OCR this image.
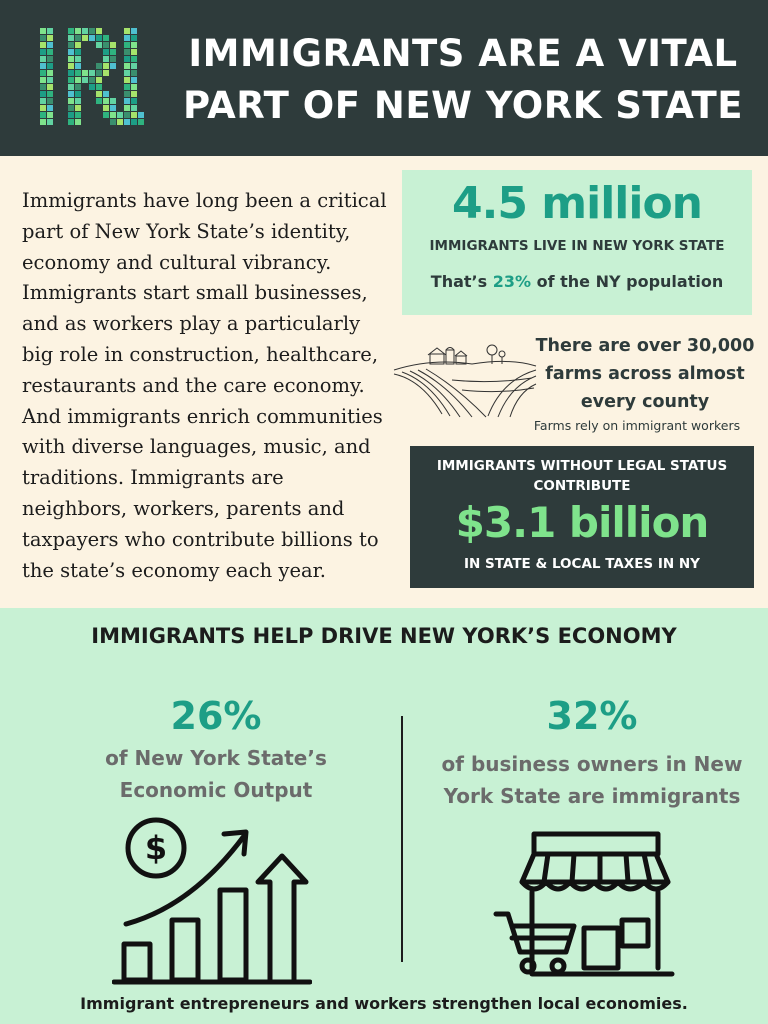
IMMIGRANTS ARE A VITAL PART OF NEW YORK STATE

Immigrants have long been a critical part of New York State’s identity, economy and cultural vibrancy. Immigrants start small businesses, and as workers play a particularly big role in construction, healthcare, restaurants and the care economy. And immigrants enrich communities with diverse languages, music, and traditions. Immigrants are neighbors, workers, parents and taxpayers who contribute billions to the state’s economy each year.

4.5 million
IMMIGRANTS LIVE IN NEW YORK STATE
That’s 23% of the NY population
There are over 30,000 farms across almost every county
Farms rely on immigrant workers
IMMIGRANTS WITHOUT LEGAL STATUS CONTRIBUTE
$3.1 billion
IN STATE & LOCAL TAXES IN NY
IMMIGRANTS HELP DRIVE NEW YORK’S ECONOMY
26%
of New York State’s Economic Output
32%
of business owners in New York State are immigrants
$
Immigrant entrepreneurs and workers strengthen local economies.
